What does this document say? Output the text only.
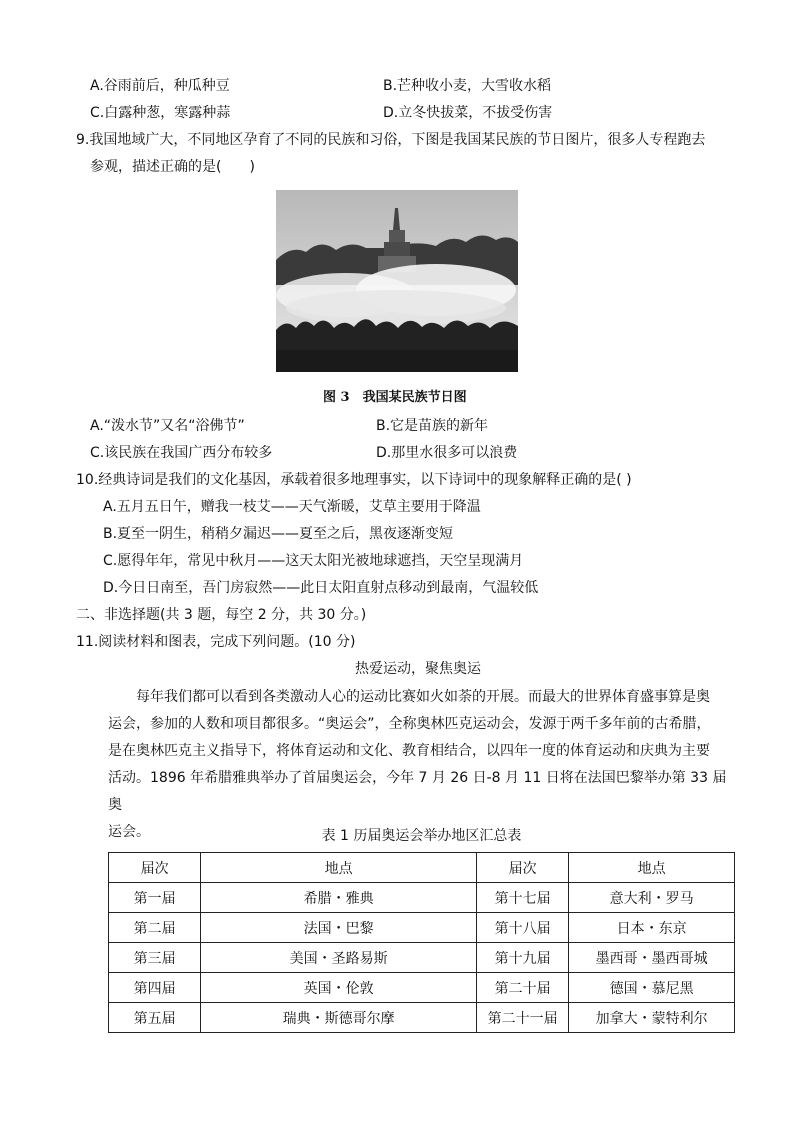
A.谷雨前后，种瓜种豆	B.芒种收小麦，大雪收水稻
C.白露种葱，寒露种蒜	D.立冬快拔菜，不拔受伤害
9.我国地域广大，不同地区孕育了不同的民族和习俗，下图是我国某民族的节日图片，很多人专程跑去
参观，描述正确的是(　　)
图 3　我国某民族节日图
A.“泼水节”又名“浴佛节”	B.它是苗族的新年
C.该民族在我国广西分布较多	D.那里水很多可以浪费
10.经典诗词是我们的文化基因，承载着很多地理事实，以下诗词中的现象解释正确的是( )
A.五月五日午，赠我一枝艾——天气渐暖，艾草主要用于降温
B.夏至一阴生，稍稍夕漏迟——夏至之后，黑夜逐渐变短
C.愿得年年，常见中秋月——这天太阳光被地球遮挡，天空呈现满月
D.今日日南至，吾门房寂然——此日太阳直射点移动到最南，气温较低
二、非选择题(共 3 题，每空 2 分，共 30 分。)
11.阅读材料和图表，完成下列问题。(10 分)
热爱运动，聚焦奥运
每年我们都可以看到各类激动人心的运动比赛如火如荼的开展。而最大的世界体育盛事算是奥
运会，参加的人数和项目都很多。“奥运会”，全称奥林匹克运动会，发源于两千多年前的古希腊，
是在奥林匹克主义指导下，将体育运动和文化、教育相结合，以四年一度的体育运动和庆典为主要
活动。1896 年希腊雅典举办了首届奥运会，今年 7 月 26 日-8 月 11 日将在法国巴黎举办第 33 届奥
运会。	表 1 历届奥运会举办地区汇总表
届次	地点	届次	地点
第一届	希腊・雅典	第十七届	意大利・罗马
第二届	法国・巴黎	第十八届	日本・东京
第三届	美国・圣路易斯	第十九届	墨西哥・墨西哥城
第四届	英国・伦敦	第二十届	德国・慕尼黑
第五届	瑞典・斯德哥尔摩	第二十一届	加拿大・蒙特利尔
